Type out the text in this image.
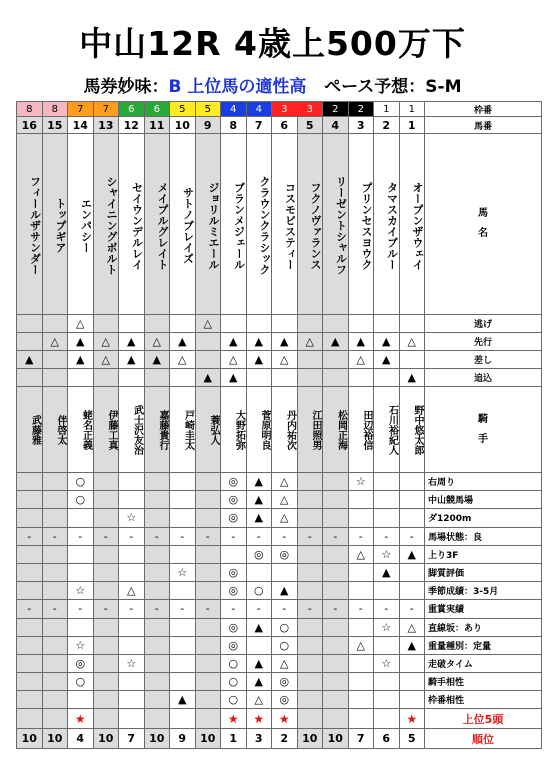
中山12R 4歳上500万下
馬券妙味：B 上位馬の適性高 ペース予想：S-M
8	8	7	7	6	6	5	5	4	4	3	3	2	2	1	1	枠番
16	15	14	13	12	11	10	9	8	7	6	5	4	3	2	1	馬番
フィールザサンダー	トップギア	エンパシー	シャイニングボルト	セイウンデルレイ	メイプルグレイト	サトノブレイズ	ジョリルミエール	ブランメジェール	クラウンクラシック	コスモビスティー	フクノヴァランス	リーゼントシャルフ	プリンセスヨウク	タマスカイブルー	オープンザウェイ	馬
名
		△					△									逃げ
	△	▲	△	▲	△	▲		▲	▲	▲	△	▲	▲	▲	△	先行
▲		▲	△	▲	▲	△		△	▲	△			△	▲		差し
							▲	▲							▲	追込
武藤雅	伴啓太	蛯名正義	伊藤工真	武士沢友治	嘉藤貴行	戸崎圭太	蓑弘人	大野拓弥	菅原明良	丹内祐次	江田照男	松岡正海	田辺裕信	石川裕紀人	野中悠太郎	騎
手
		○						◎	▲	△			☆			右周り
		○						◎	▲	△						中山競馬場
				☆				◎	▲	△						ダ1200m
-	-	-	-	-	-	-	-	-	-	-	-	-	-	-	-	馬場状態：良
									◎	◎			△	☆	▲	上り3F
						☆		◎						▲		脚質評価
		☆		△				◎	○	▲						季節成績：3-5月
-	-	-	-	-	-	-	-	-	-	-	-	-	-	-	-	重賞実績
								◎	▲	○				☆	△	直線坂：あり
		☆						◎		○			△		▲	重量種別：定量
		◎		☆				○	▲	△				☆		走破タイム
		○						○	▲	◎						騎手相性
						▲		○	△	◎						枠番相性
		★						★	★	★					★	上位5頭
10	10	4	10	7	10	9	10	1	3	2	10	10	7	6	5	順位
